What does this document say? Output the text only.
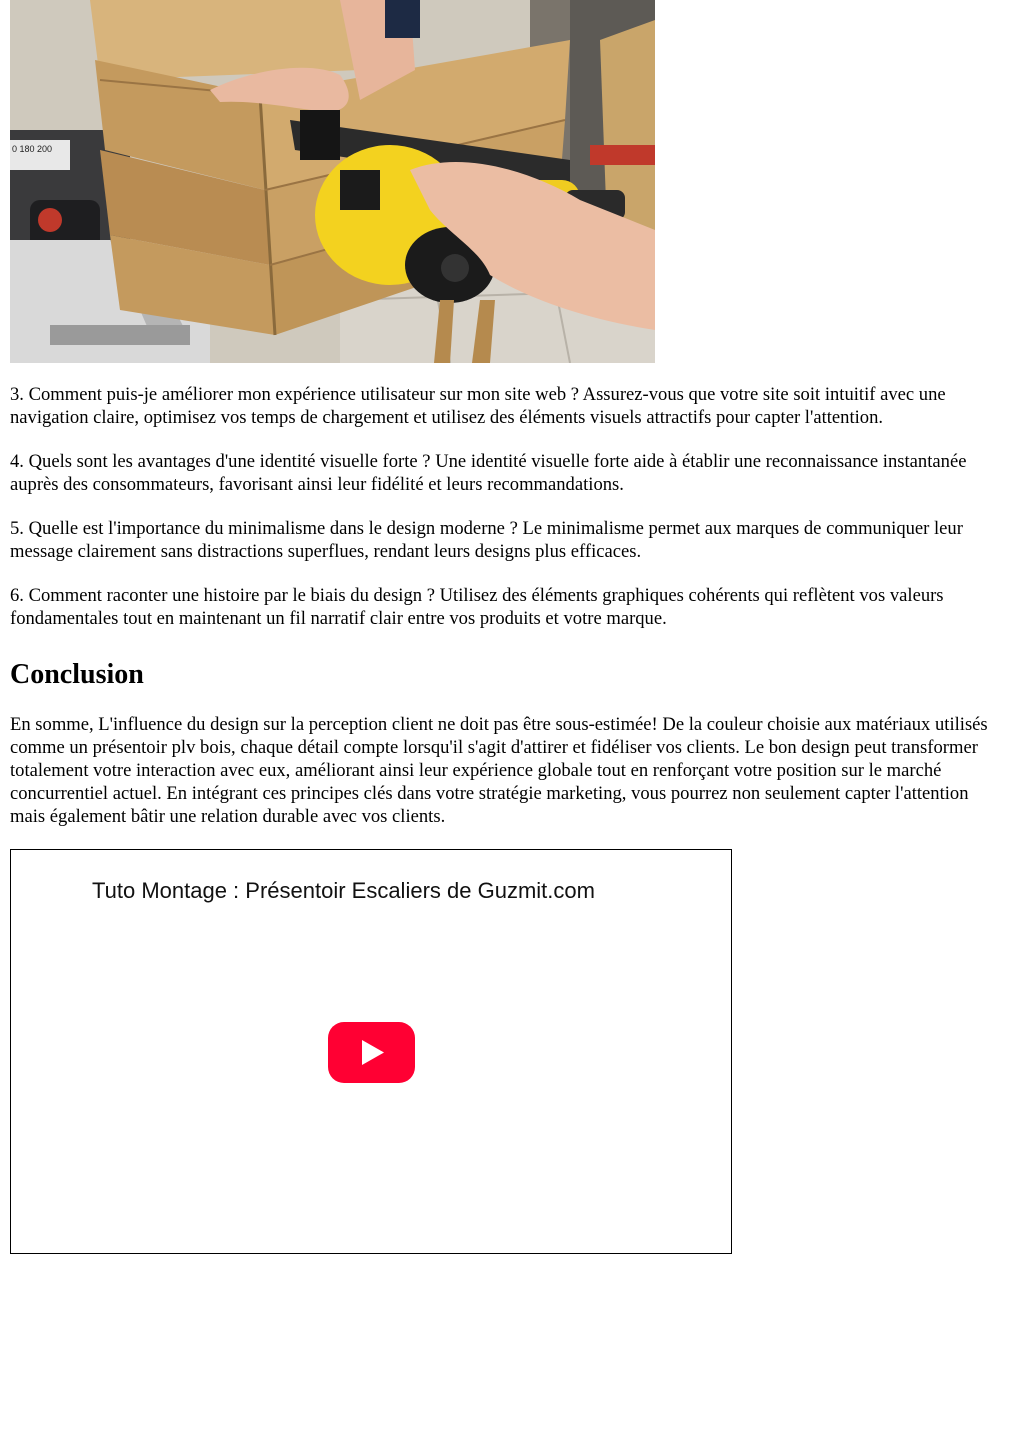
0 180 200

3. Comment puis-je améliorer mon expérience utilisateur sur mon site web ? Assurez-vous que votre site soit intuitif avec une navigation claire, optimisez vos temps de chargement et utilisez des éléments visuels attractifs pour capter l'attention.

4. Quels sont les avantages d'une identité visuelle forte ? Une identité visuelle forte aide à établir une reconnaissance instantanée auprès des consommateurs, favorisant ainsi leur fidélité et leurs recommandations.

5. Quelle est l'importance du minimalisme dans le design moderne ? Le minimalisme permet aux marques de communiquer leur message clairement sans distractions superflues, rendant leurs designs plus efficaces.

6. Comment raconter une histoire par le biais du design ? Utilisez des éléments graphiques cohérents qui reflètent vos valeurs fondamentales tout en maintenant un fil narratif clair entre vos produits et votre marque.

Conclusion

En somme, L'influence du design sur la perception client ne doit pas être sous-estimée! De la couleur choisie aux matériaux utilisés comme un présentoir plv bois, chaque détail compte lorsqu'il s'agit d'attirer et fidéliser vos clients. Le bon design peut transformer totalement votre interaction avec eux, améliorant ainsi leur expérience globale tout en renforçant votre position sur le marché concurrentiel actuel. En intégrant ces principes clés dans votre stratégie marketing, vous pourrez non seulement capter l'attention mais également bâtir une relation durable avec vos clients.

Tuto Montage : Présentoir Escaliers de Guzmit.com
